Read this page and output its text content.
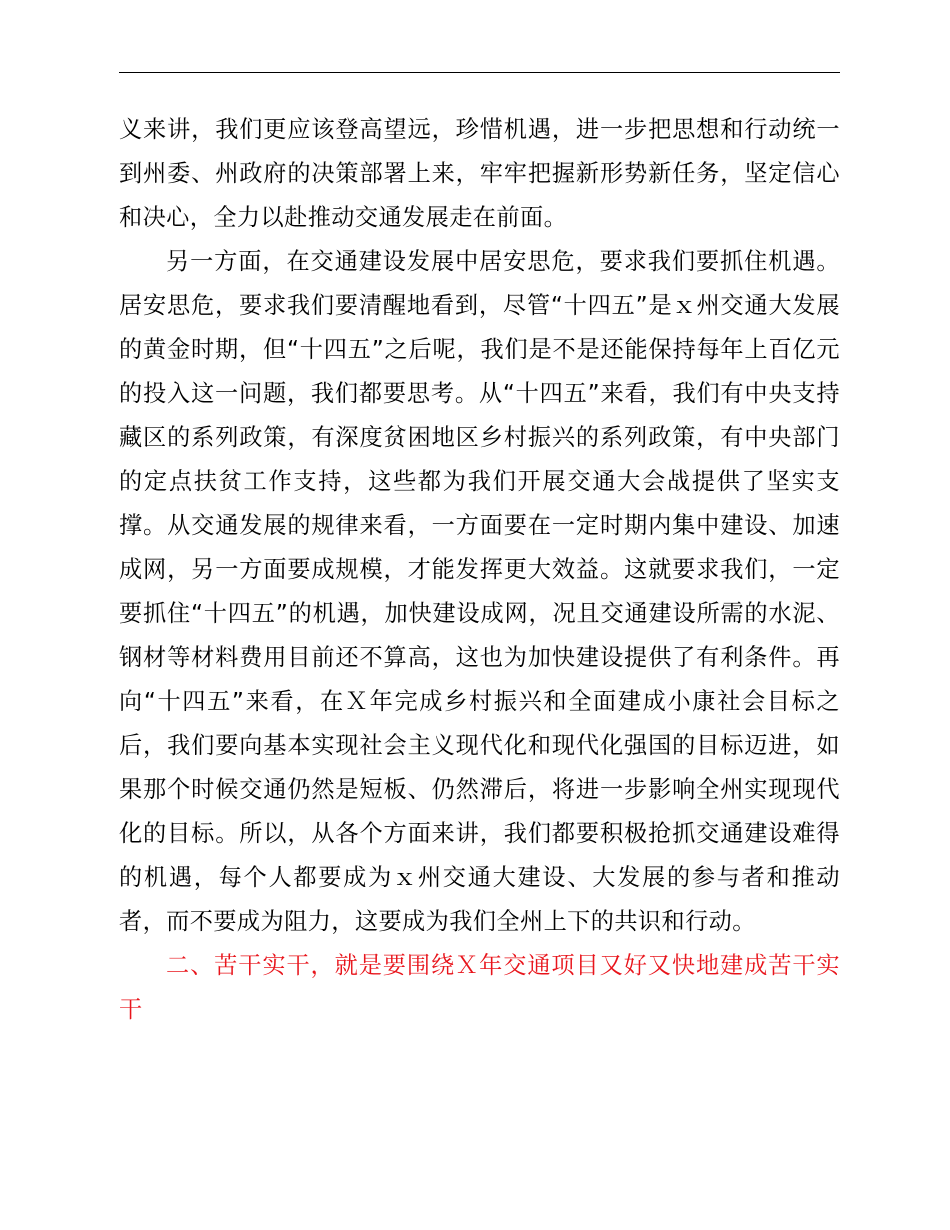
义来讲，我们更应该登高望远，珍惜机遇，进一步把思想和行动统一到州委、州政府的决策部署上来，牢牢把握新形势新任务，坚定信心和决心，全力以赴推动交通发展走在前面。

另一方面，在交通建设发展中居安思危，要求我们要抓住机遇。居安思危，要求我们要清醒地看到，尽管“十四五”是ｘ州交通大发展的黄金时期，但“十四五”之后呢，我们是不是还能保持每年上百亿元的投入这一问题，我们都要思考。从“十四五”来看，我们有中央支持藏区的系列政策，有深度贫困地区乡村振兴的系列政策，有中央部门的定点扶贫工作支持，这些都为我们开展交通大会战提供了坚实支撑。从交通发展的规律来看，一方面要在一定时期内集中建设、加速成网，另一方面要成规模，才能发挥更大效益。这就要求我们，一定要抓住“十四五”的机遇，加快建设成网，况且交通建设所需的水泥、钢材等材料费用目前还不算高，这也为加快建设提供了有利条件。再向“十四五”来看，在Ｘ年完成乡村振兴和全面建成小康社会目标之后，我们要向基本实现社会主义现代化和现代化强国的目标迈进，如果那个时候交通仍然是短板、仍然滞后，将进一步影响全州实现现代化的目标。所以，从各个方面来讲，我们都要积极抢抓交通建设难得的机遇，每个人都要成为ｘ州交通大建设、大发展的参与者和推动者，而不要成为阻力，这要成为我们全州上下的共识和行动。

二、苦干实干，就是要围绕Ｘ年交通项目又好又快地建成苦干实干
